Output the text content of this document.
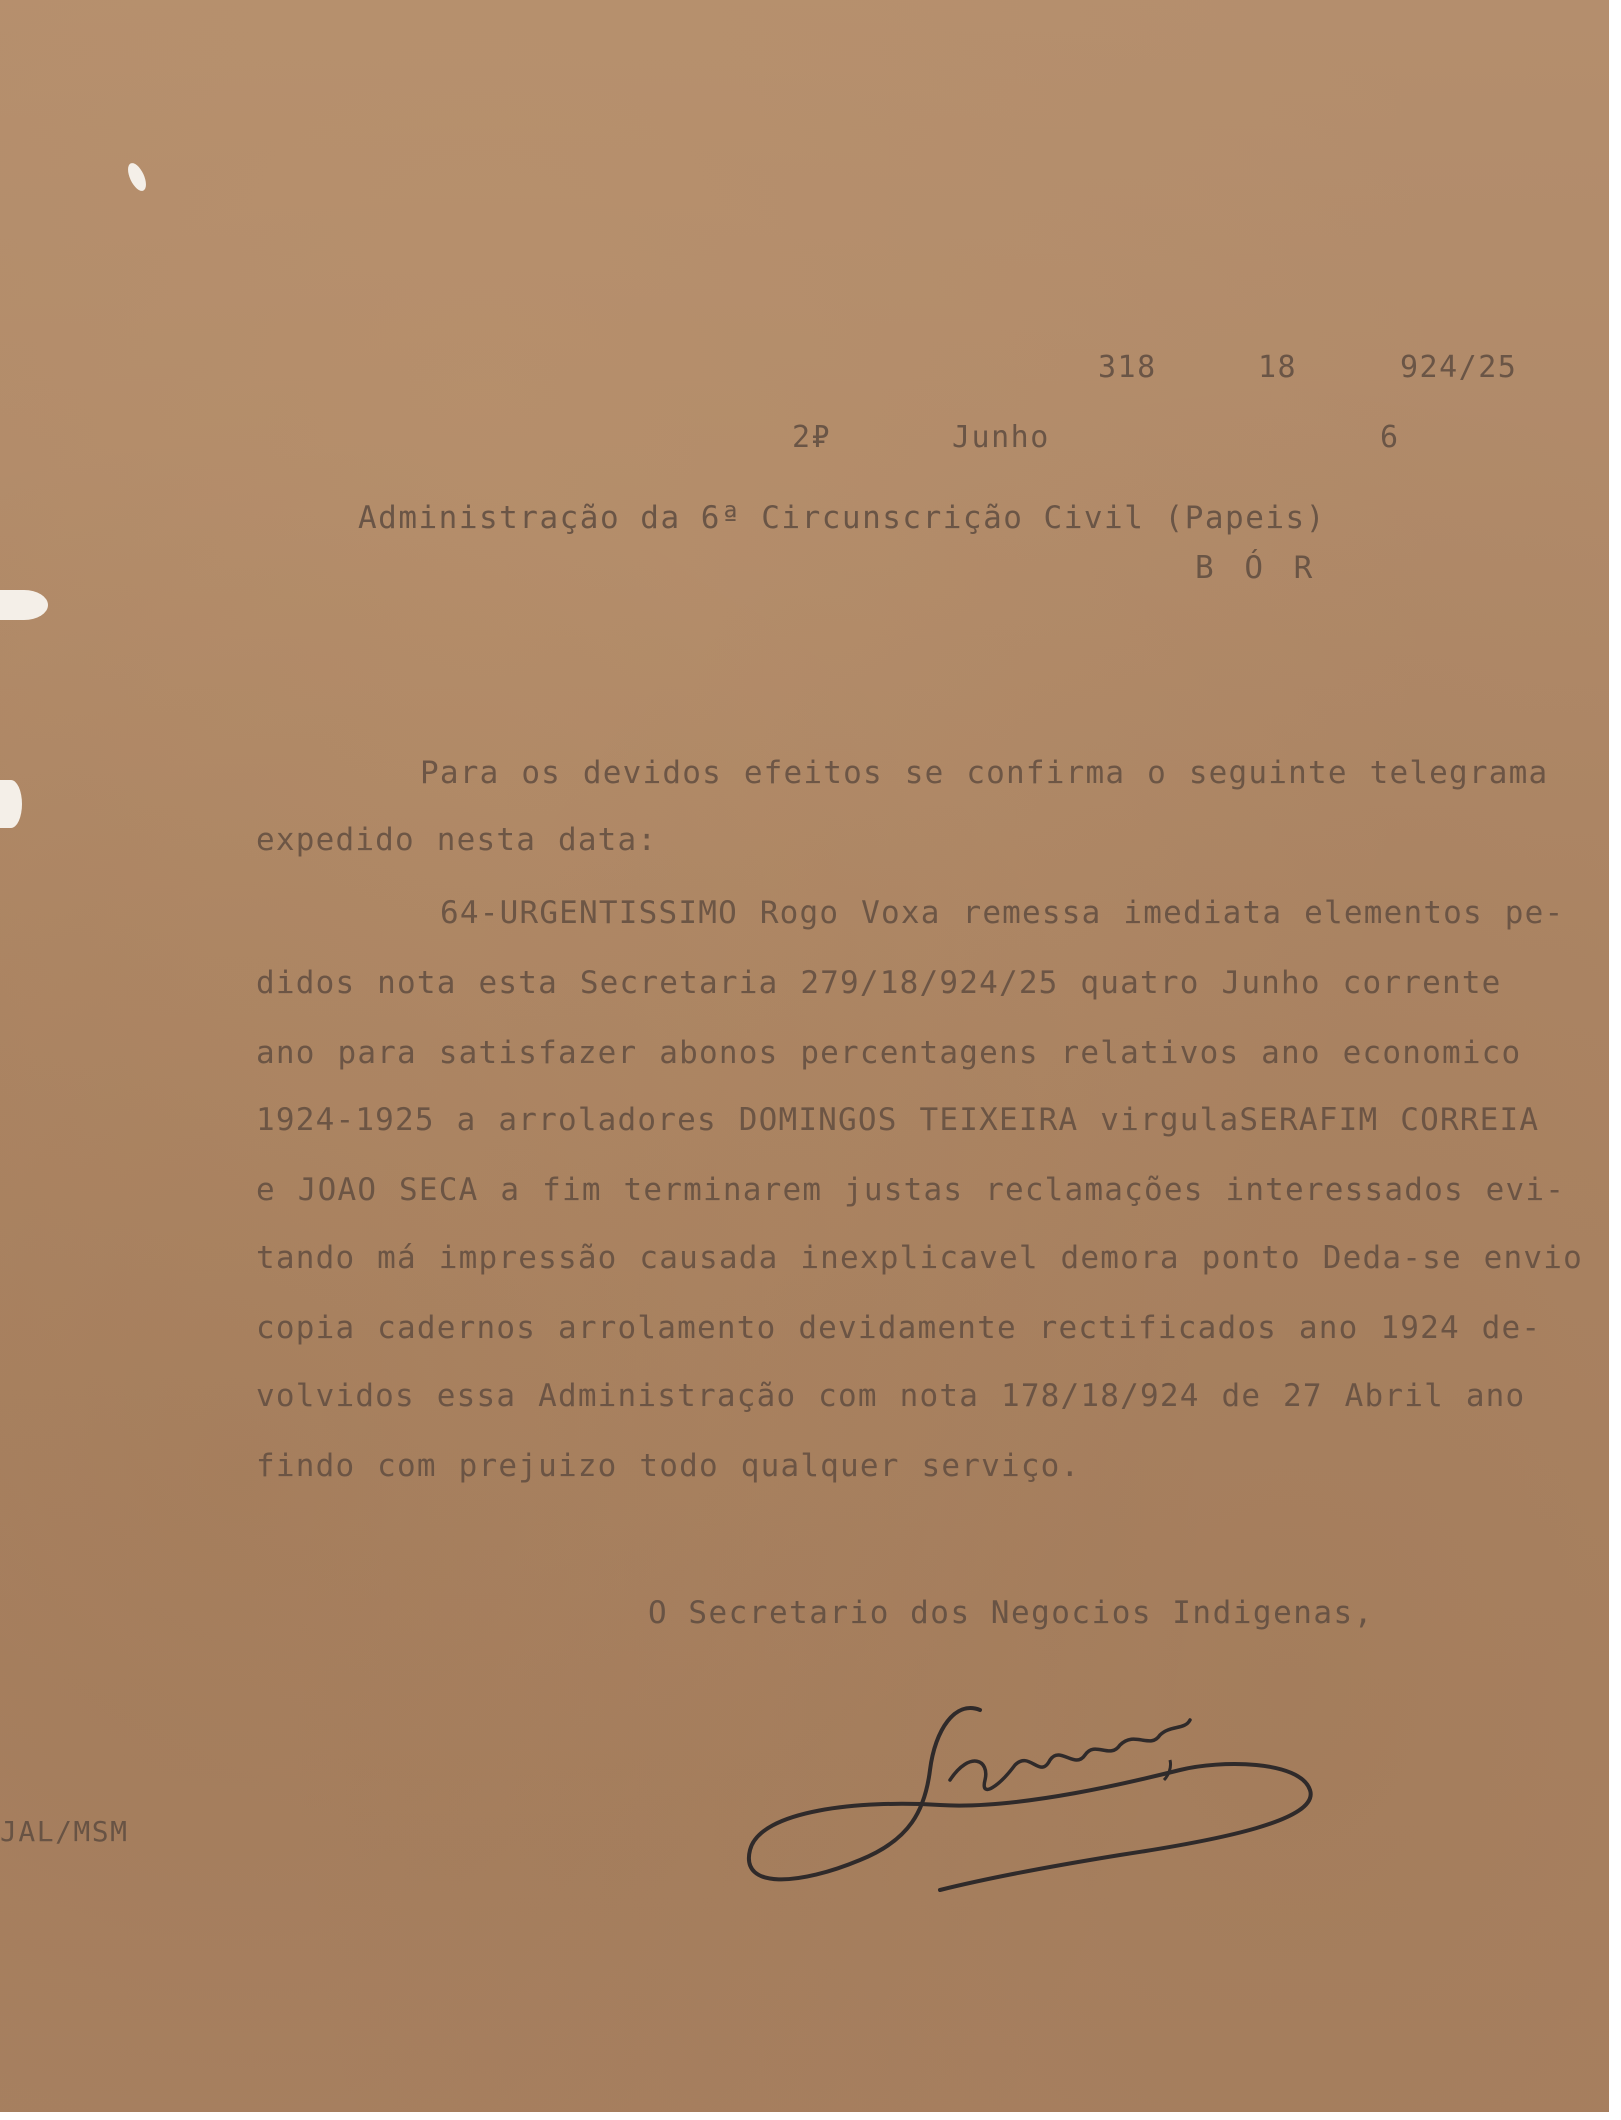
318	18	924/25
2₽	Junho	6
Administração da 6ª Circunscrição Civil (Papeis)
B Ó R
Para os devidos efeitos se confirma o seguinte telegrama
expedido nesta data:
64-URGENTISSIMO Rogo Voxa remessa imediata elementos pe-
didos nota esta Secretaria 279/18/924/25 quatro Junho corrente
ano para satisfazer abonos percentagens relativos ano economico
1924-1925 a arroladores DOMINGOS TEIXEIRA virgulaSERAFIM CORREIA
e JOAO SECA a fim terminarem justas reclamações interessados evi-
tando má impressão causada inexplicavel demora ponto Deda-se envio
copia cadernos arrolamento devidamente rectificados ano 1924 de-
volvidos essa Administração com nota 178/18/924 de 27 Abril ano
findo com prejuizo todo qualquer serviço.
O Secretario dos Negocios Indigenas,
JAL/MSM
